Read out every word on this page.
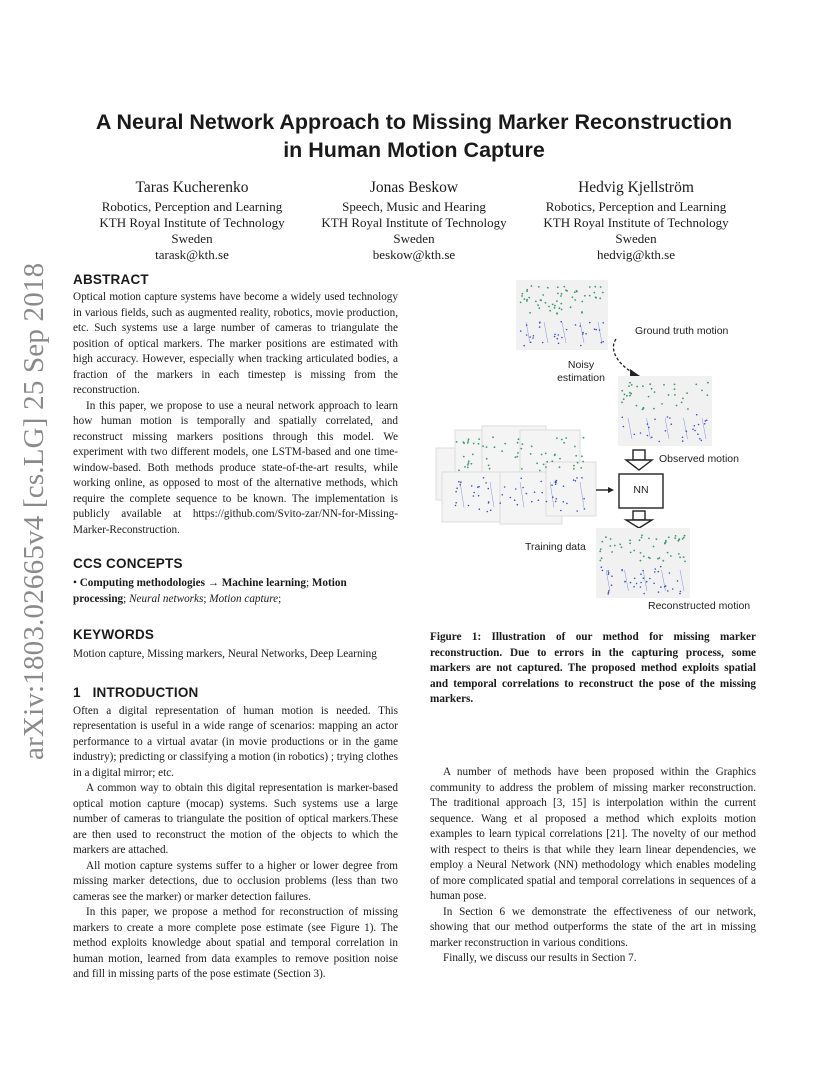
arXiv:1803.02665v4 [cs.LG] 25 Sep 2018
A Neural Network Approach to Missing Marker Reconstruction
in Human Motion Capture
Taras Kucherenko
Robotics, Perception and Learning
KTH Royal Institute of Technology
Sweden
tarask@kth.se
Jonas Beskow
Speech, Music and Hearing
KTH Royal Institute of Technology
Sweden
beskow@kth.se
Hedvig Kjellström
Robotics, Perception and Learning
KTH Royal Institute of Technology
Sweden
hedvig@kth.se
ABSTRACT

Optical motion capture systems have become a widely used technology in various fields, such as augmented reality, robotics, movie production, etc. Such systems use a large number of cameras to triangulate the position of optical markers. The marker positions are estimated with high accuracy. However, especially when tracking articulated bodies, a fraction of the markers in each timestep is missing from the reconstruction.

In this paper, we propose to use a neural network approach to learn how human motion is temporally and spatially correlated, and reconstruct missing markers positions through this model. We experiment with two different models, one LSTM-based and one time-window-based. Both methods produce state-of-the-art results, while working online, as opposed to most of the alternative methods, which require the complete sequence to be known. The implementation is publicly available at https://github.com/Svito-zar/NN-for-Missing-Marker-Reconstruction.

CCS CONCEPTS
• Computing methodologies → Machine learning; Motion processing; Neural networks; Motion capture;
KEYWORDS
Motion capture, Missing markers, Neural Networks, Deep Learning
1 INTRODUCTION

Often a digital representation of human motion is needed. This representation is useful in a wide range of scenarios: mapping an actor performance to a virtual avatar (in movie productions or in the game industry); predicting or classifying a motion (in robotics) ; trying clothes in a digital mirror; etc.

A common way to obtain this digital representation is marker-based optical motion capture (mocap) systems. Such systems use a large number of cameras to triangulate the position of optical markers.These are then used to reconstruct the motion of the objects to which the markers are attached.

All motion capture systems suffer to a higher or lower degree from missing marker detections, due to occlusion problems (less than two cameras see the marker) or marker detection failures.

In this paper, we propose a method for reconstruction of missing markers to create a more complete pose estimate (see Figure 1). The method exploits knowledge about spatial and temporal correlation in human motion, learned from data examples to remove position noise and fill in missing parts of the pose estimate (Section 3).

Ground truth motion
Noisy
estimation
Observed motion
NN
Training data
Reconstructed motion
Figure 1: Illustration of our method for missing marker reconstruction. Due to errors in the capturing process, some markers are not captured. The proposed method exploits spatial and temporal correlations to reconstruct the pose of the missing markers.

A number of methods have been proposed within the Graphics community to address the problem of missing marker reconstruction. The traditional approach [3, 15] is interpolation within the current sequence. Wang et al proposed a method which exploits motion examples to learn typical correlations [21]. The novelty of our method with respect to theirs is that while they learn linear dependencies, we employ a Neural Network (NN) methodology which enables modeling of more complicated spatial and temporal correlations in sequences of a human pose.

In Section 6 we demonstrate the effectiveness of our network, showing that our method outperforms the state of the art in missing marker reconstruction in various conditions.

Finally, we discuss our results in Section 7.
